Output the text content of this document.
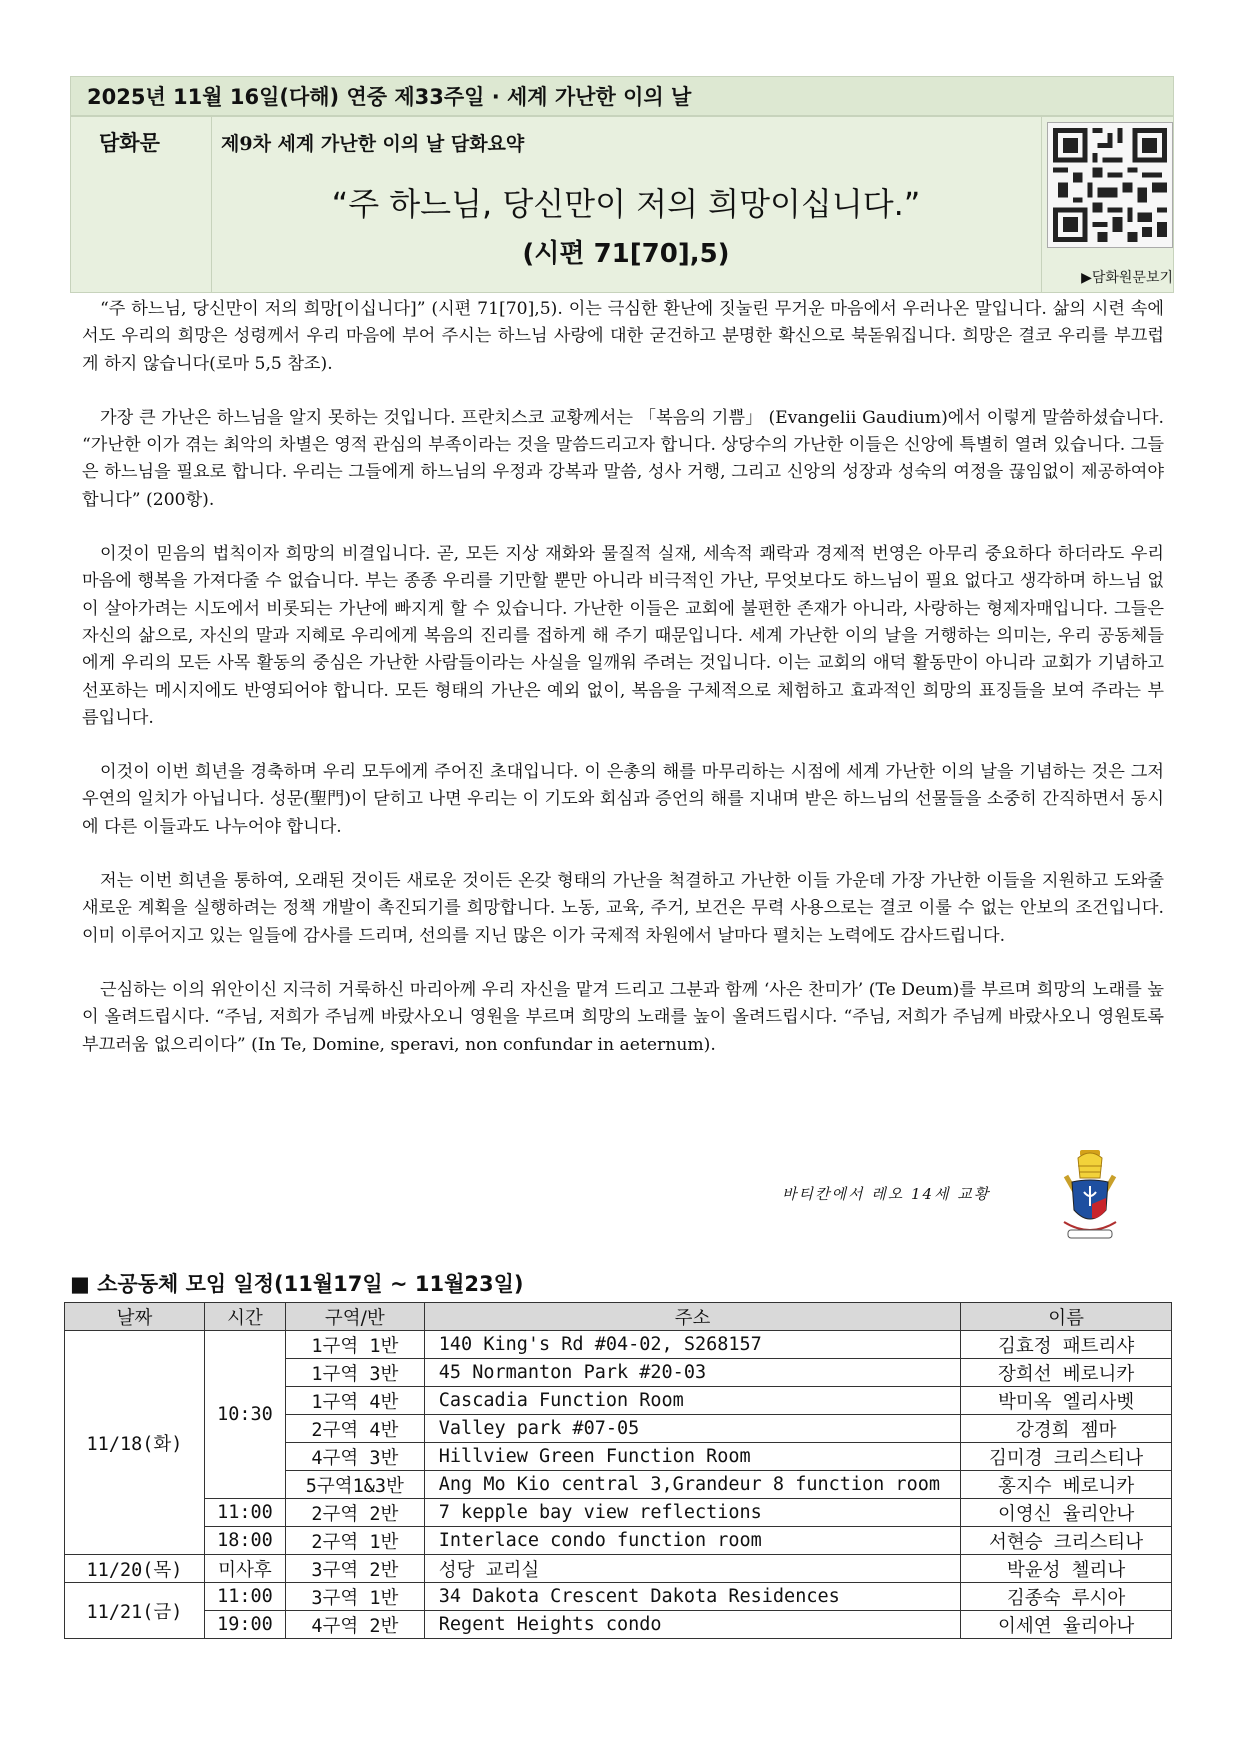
2025년 11월 16일(다해) 연중 제33주일 · 세계 가난한 이의 날
담화문	제9차 세계 가난한 이의 날 담화요약
“주 하느님, 당신만이 저의 희망이십니다.”
(시편 71[70],5)
▶담화원문보기

“주 하느님, 당신만이 저의 희망[이십니다]” (시편 71[70],5). 이는 극심한 환난에 짓눌린 무거운 마음에서 우러나온 말입니다. 삶의 시련 속에서도 우리의 희망은 성령께서 우리 마음에 부어 주시는 하느님 사랑에 대한 굳건하고 분명한 확신으로 북돋워집니다. 희망은 결코 우리를 부끄럽게 하지 않습니다(로마 5,5 참조).

가장 큰 가난은 하느님을 알지 못하는 것입니다. 프란치스코 교황께서는 「복음의 기쁨」 (Evangelii Gaudium)에서 이렇게 말씀하셨습니다. “가난한 이가 겪는 최악의 차별은 영적 관심의 부족이라는 것을 말씀드리고자 합니다. 상당수의 가난한 이들은 신앙에 특별히 열려 있습니다. 그들은 하느님을 필요로 합니다. 우리는 그들에게 하느님의 우정과 강복과 말씀, 성사 거행, 그리고 신앙의 성장과 성숙의 여정을 끊임없이 제공하여야 합니다” (200항).

이것이 믿음의 법칙이자 희망의 비결입니다. 곧, 모든 지상 재화와 물질적 실재, 세속적 쾌락과 경제적 번영은 아무리 중요하다 하더라도 우리 마음에 행복을 가져다줄 수 없습니다. 부는 종종 우리를 기만할 뿐만 아니라 비극적인 가난, 무엇보다도 하느님이 필요 없다고 생각하며 하느님 없이 살아가려는 시도에서 비롯되는 가난에 빠지게 할 수 있습니다. 가난한 이들은 교회에 불편한 존재가 아니라, 사랑하는 형제자매입니다. 그들은 자신의 삶으로, 자신의 말과 지혜로 우리에게 복음의 진리를 접하게 해 주기 때문입니다. 세계 가난한 이의 날을 거행하는 의미는, 우리 공동체들에게 우리의 모든 사목 활동의 중심은 가난한 사람들이라는 사실을 일깨워 주려는 것입니다. 이는 교회의 애덕 활동만이 아니라 교회가 기념하고 선포하는 메시지에도 반영되어야 합니다. 모든 형태의 가난은 예외 없이, 복음을 구체적으로 체험하고 효과적인 희망의 표징들을 보여 주라는 부름입니다.

이것이 이번 희년을 경축하며 우리 모두에게 주어진 초대입니다. 이 은총의 해를 마무리하는 시점에 세계 가난한 이의 날을 기념하는 것은 그저 우연의 일치가 아닙니다. 성문(聖門)이 닫히고 나면 우리는 이 기도와 회심과 증언의 해를 지내며 받은 하느님의 선물들을 소중히 간직하면서 동시에 다른 이들과도 나누어야 합니다.

저는 이번 희년을 통하여, 오래된 것이든 새로운 것이든 온갖 형태의 가난을 척결하고 가난한 이들 가운데 가장 가난한 이들을 지원하고 도와줄 새로운 계획을 실행하려는 정책 개발이 촉진되기를 희망합니다. 노동, 교육, 주거, 보건은 무력 사용으로는 결코 이룰 수 없는 안보의 조건입니다. 이미 이루어지고 있는 일들에 감사를 드리며, 선의를 지닌 많은 이가 국제적 차원에서 날마다 펼치는 노력에도 감사드립니다.

근심하는 이의 위안이신 지극히 거룩하신 마리아께 우리 자신을 맡겨 드리고 그분과 함께 ‘사은 찬미가’ (Te Deum)를 부르며 희망의 노래를 높이 올려드립시다. “주님, 저희가 주님께 바랐사오니 영원을 부르며 희망의 노래를 높이 올려드립시다. “주님, 저희가 주님께 바랐사오니 영원토록 부끄러움 없으리이다” (In Te, Domine, speravi, non confundar in aeternum).

바티칸에서 레오 14세 교황
■ 소공동체 모임 일정(11월17일 ~ 11월23일)
날짜	시간	구역/반	주소	이름
11/18(화)	10:30	1구역 1반	140 King's Rd #04-02, S268157	김효정 패트리샤
		1구역 3반	45 Normanton Park #20-03	장희선 베로니카
		1구역 4반	Cascadia Function Room	박미옥 엘리사벳
		2구역 4반	Valley park #07-05	강경희 젬마
		4구역 3반	Hillview Green Function Room	김미경 크리스티나
		5구역1&3반	Ang Mo Kio central 3,Grandeur 8 function room	홍지수 베로니카
	11:00	2구역 2반	7 kepple bay view reflections	이영신 율리안나
	18:00	2구역 1반	Interlace condo function room	서현승 크리스티나
11/20(목)	미사후	3구역 2반	성당 교리실	박윤성 첼리나
11/21(금)	11:00	3구역 1반	34 Dakota Crescent Dakota Residences	김종숙 루시아
	19:00	4구역 2반	Regent Heights condo	이세연 율리아나
